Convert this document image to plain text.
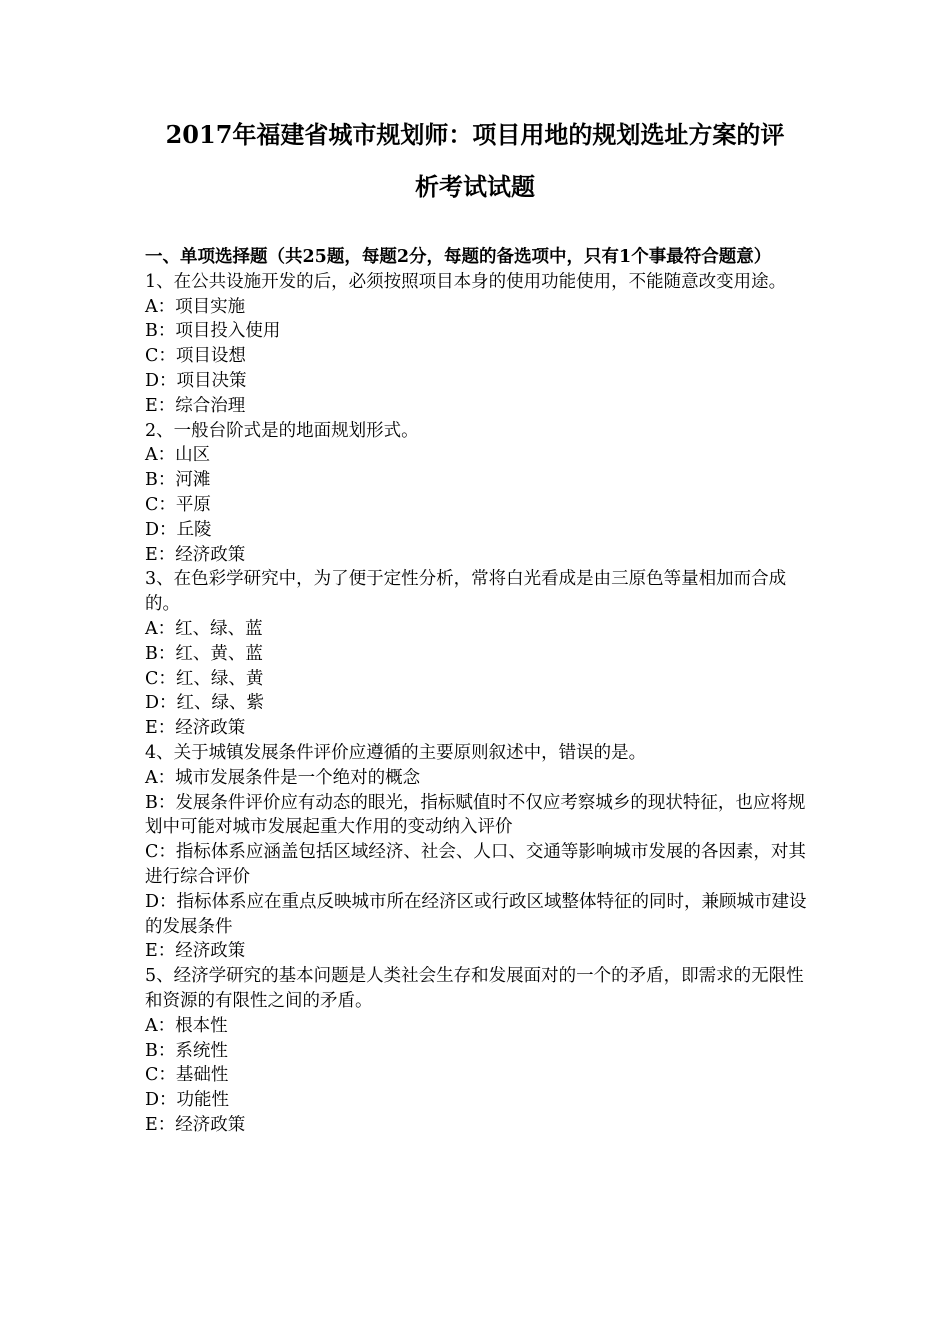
2017年福建省城市规划师：项目用地的规划选址方案的评
析考试试题
一、单项选择题（共25题，每题2分，每题的备选项中，只有1个事最符合题意）
1、在公共设施开发的后，必须按照项目本身的使用功能使用，不能随意改变用途。
A：项目实施
B：项目投入使用
C：项目设想
D：项目决策
E：综合治理
2、一般台阶式是的地面规划形式。
A：山区
B：河滩
C：平原
D：丘陵
E：经济政策
3、在色彩学研究中，为了便于定性分析，常将白光看成是由三原色等量相加而合成的。
A：红、绿、蓝
B：红、黄、蓝
C：红、绿、黄
D：红、绿、紫
E：经济政策
4、关于城镇发展条件评价应遵循的主要原则叙述中，错误的是。
A：城市发展条件是一个绝对的概念
B：发展条件评价应有动态的眼光，指标赋值时不仅应考察城乡的现状特征，也应将规划中可能对城市发展起重大作用的变动纳入评价
C：指标体系应涵盖包括区域经济、社会、人口、交通等影响城市发展的各因素，对其进行综合评价
D：指标体系应在重点反映城市所在经济区或行政区域整体特征的同时，兼顾城市建设的发展条件
E：经济政策
5、经济学研究的基本问题是人类社会生存和发展面对的一个的矛盾，即需求的无限性和资源的有限性之间的矛盾。
A：根本性
B：系统性
C：基础性
D：功能性
E：经济政策
